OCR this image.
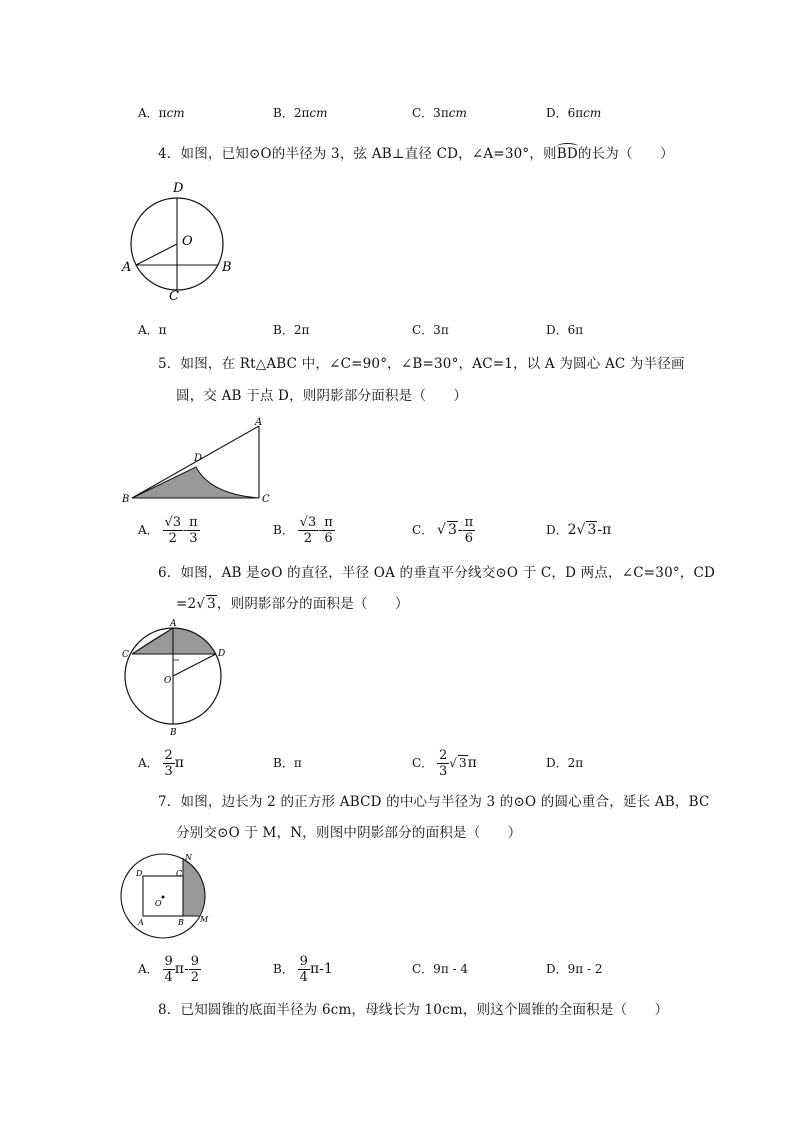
A．πcm	B．2πcm	C．3πcm	D．6πcm
4．如图，已知⊙O的半径为 3，弦 AB⊥直径 CD，∠A=30°，则
BD的长为（　　）
D
O
A	B
C
A．π	B．2π	C．3π	D．6π
5．如图，在 Rt△ABC 中，∠C=90°，∠B=30°，AC=1，以 A 为圆心 AC 为半径画
圆，交 AB 于点 D，则阴影部分面积是（　　）
A
B	C
D
A． $\frac{√3}{2} - \frac{\pi}{3}$	B． $\frac{√3}{2} - \frac{\pi}{6}$	C． √ $3- \frac{\pi}{6}$	D．2√ 3-π
6．如图，AB 是⊙O 的直径，半径 OA 的垂直平分线交⊙O 于 C，D 两点，∠C=30°，CD
=2√ 3，则阴影部分的面积是（　　）
A
C	D
O
B
A． $\frac{2}{3}$ π	B．π	C． $\frac{2}{3}$ √ 3π	D．2π
7．如图，边长为 2 的正方形 ABCD 的中心与半径为 3 的⊙O 的圆心重合，延长 AB，BC
分别交⊙O 于 M，N，则图中阴影部分的面积是（　　）
D	C
N
O
A	B M
A． $\frac{9}{4} \pi- \frac{9}{2}$	B． $\frac{9}{4} \pi-1$	C．9π - 4	D．9π - 2
8．已知圆锥的底面半径为 6cm，母线长为 10cm，则这个圆锥的全面积是（　　）
